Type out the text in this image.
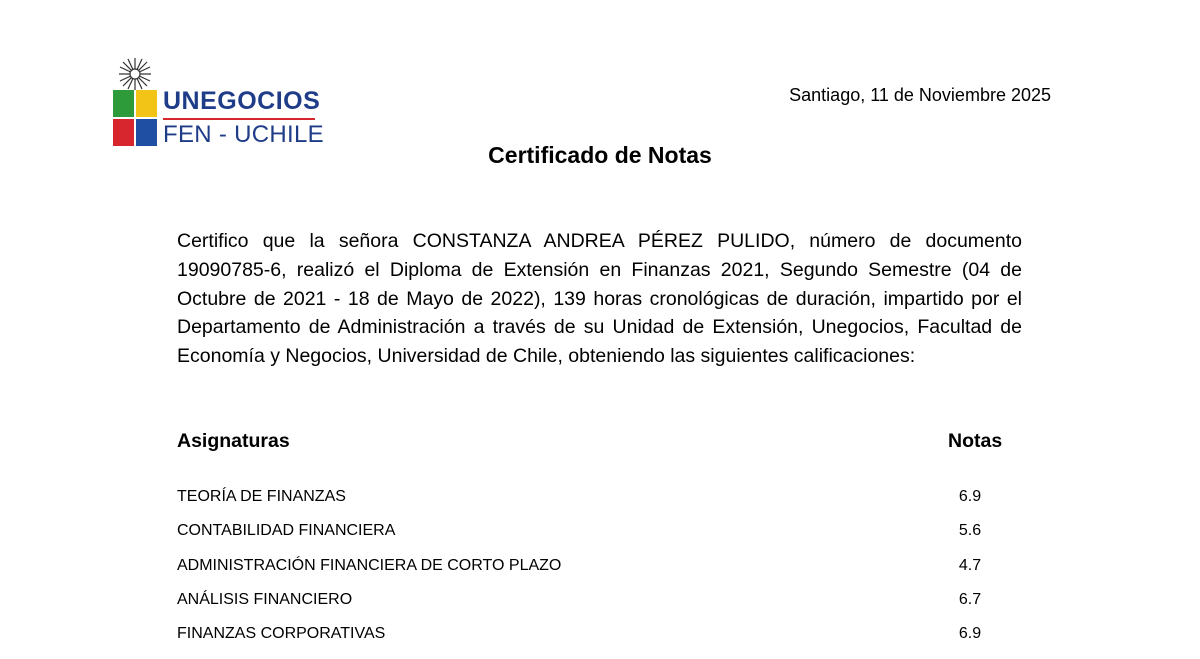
UNEGOCIOS
FEN - UCHILE
Santiago, 11 de Noviembre 2025
Certificado de Notas
Certifico que la señora CONSTANZA ANDREA PÉREZ PULIDO, número de documento 19090785-6, realizó el Diploma de Extensión en Finanzas 2021, Segundo Semestre (04 de Octubre de 2021 - 18 de Mayo de 2022), 139 horas cronológicas de duración, impartido por el Departamento de Administración a través de su Unidad de Extensión, Unegocios, Facultad de Economía y Negocios, Universidad de Chile, obteniendo las siguientes calificaciones:
Asignaturas	Notas
TEORÍA DE FINANZAS	6.9
CONTABILIDAD FINANCIERA	5.6
ADMINISTRACIÓN FINANCIERA DE CORTO PLAZO	4.7
ANÁLISIS FINANCIERO	6.7
FINANZAS CORPORATIVAS	6.9
